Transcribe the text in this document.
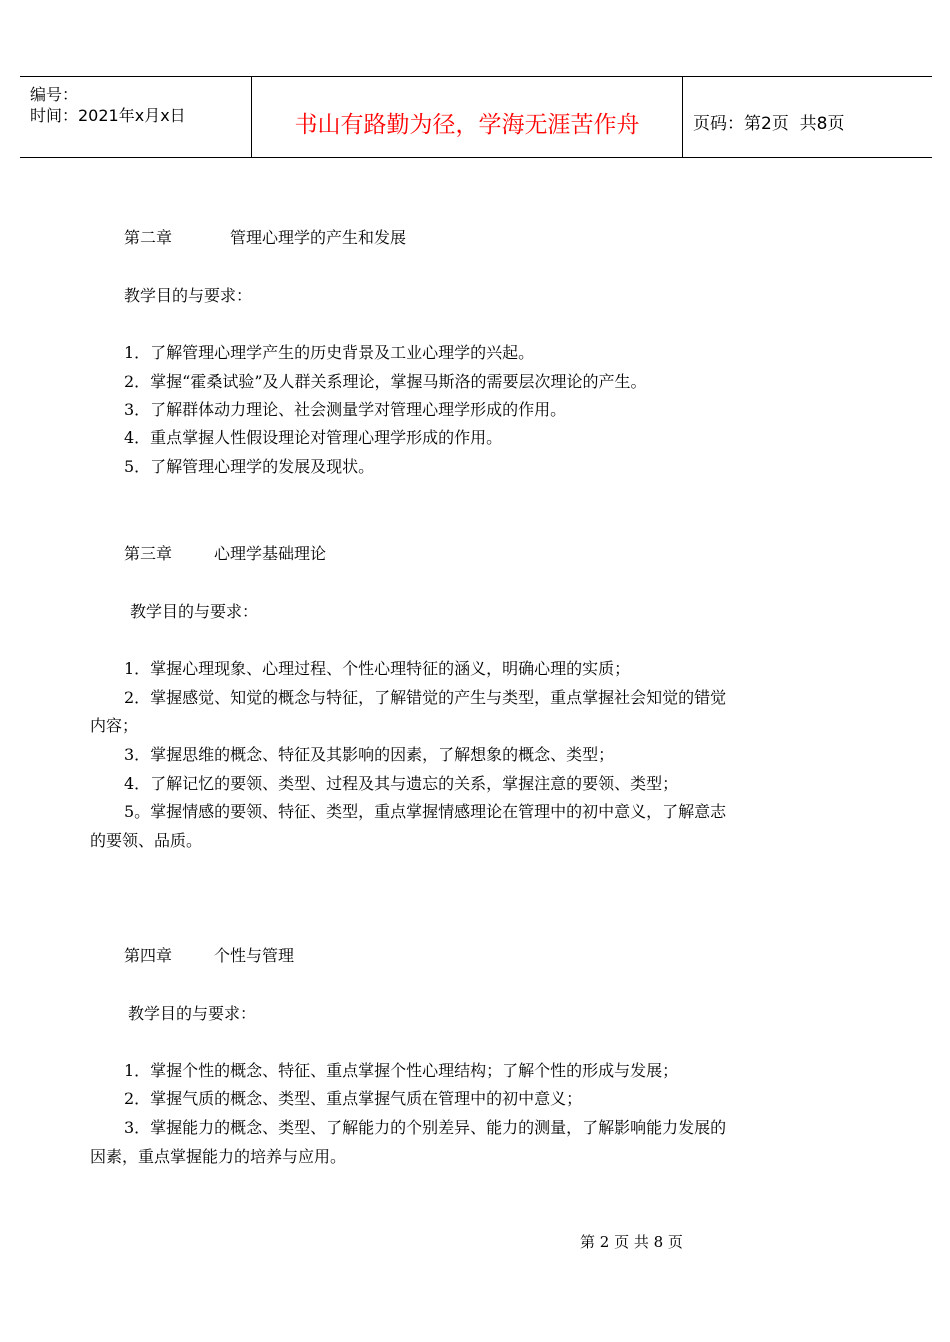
编号：
时间：2021年x月x日	书山有路勤为径，学海无涯苦作舟	页码：第2页  共8页
第二章	管理心理学的产生和发展
教学目的与要求：
1．了解管理心理学产生的历史背景及工业心理学的兴起。
2．掌握“霍桑试验”及人群关系理论，掌握马斯洛的需要层次理论的产生。
3．了解群体动力理论、社会测量学对管理心理学形成的作用。
4．重点掌握人性假设理论对管理心理学形成的作用。
5．了解管理心理学的发展及现状。
第三章	心理学基础理论
教学目的与要求：
1．掌握心理现象、心理过程、个性心理特征的涵义，明确心理的实质；
2．掌握感觉、知觉的概念与特征，了解错觉的产生与类型，重点掌握社会知觉的错觉
内容；
3．掌握思维的概念、特征及其影响的因素，了解想象的概念、类型；
4．了解记忆的要领、类型、过程及其与遗忘的关系，掌握注意的要领、类型；
5。掌握情感的要领、特征、类型，重点掌握情感理论在管理中的初中意义，了解意志
的要领、品质。
第四章	个性与管理
教学目的与要求：
1．掌握个性的概念、特征、重点掌握个性心理结构；了解个性的形成与发展；
2．掌握气质的概念、类型、重点掌握气质在管理中的初中意义；
3．掌握能力的概念、类型、了解能力的个别差异、能力的测量，了解影响能力发展的
因素，重点掌握能力的培养与应用。
第 2 页 共 8 页
